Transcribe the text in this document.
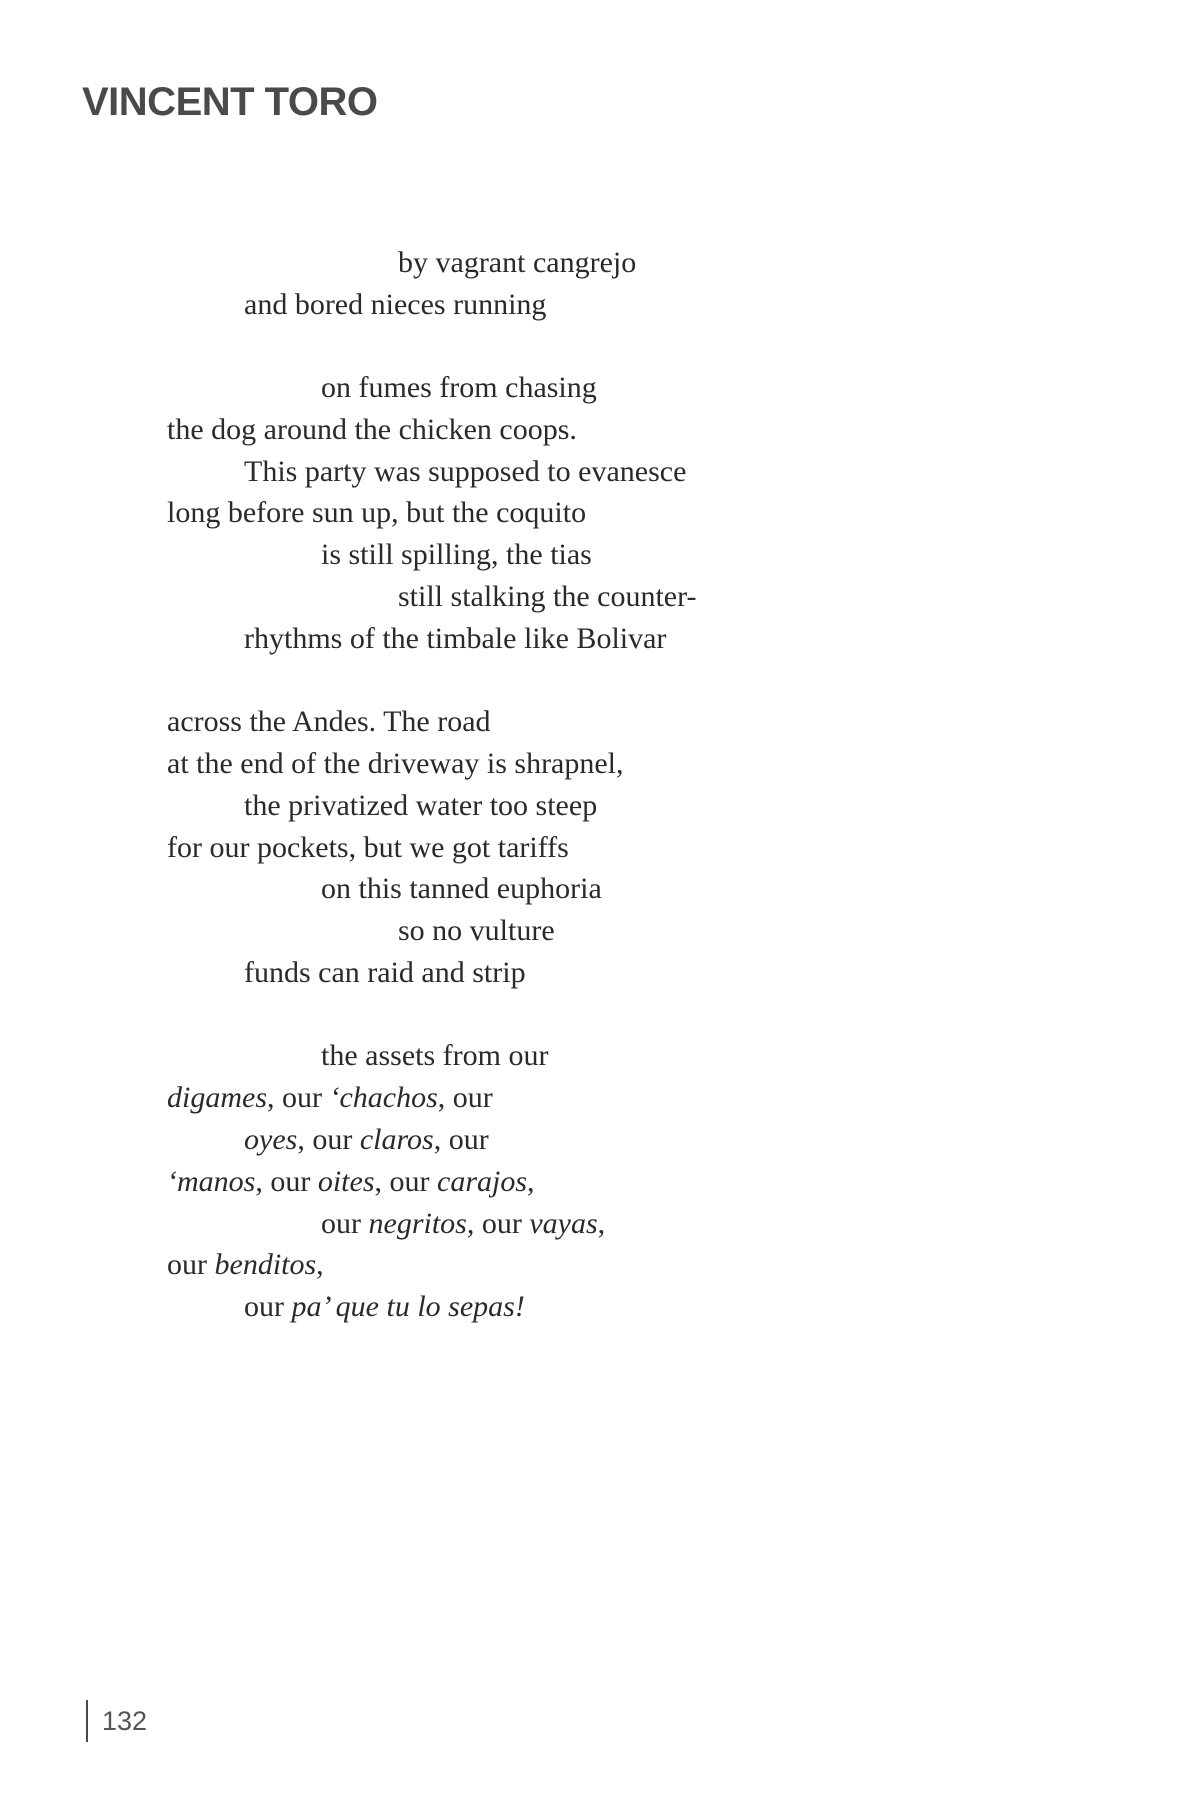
VINCENT TORO
by vagrant cangrejo
and bored nieces running
on fumes from chasing
the dog around the chicken coops.
This party was supposed to evanesce
long before sun up, but the coquito
is still spilling, the tias
still stalking the counter-
rhythms of the timbale like Bolivar
across the Andes. The road
at the end of the driveway is shrapnel,
the privatized water too steep
for our pockets, but we got tariffs
on this tanned euphoria
so no vulture
funds can raid and strip
the assets from our
digames, our ‘chachos, our
oyes, our claros, our
‘manos, our oites, our carajos,
our negritos, our vayas,
our benditos,
our pa’ que tu lo sepas!
132
